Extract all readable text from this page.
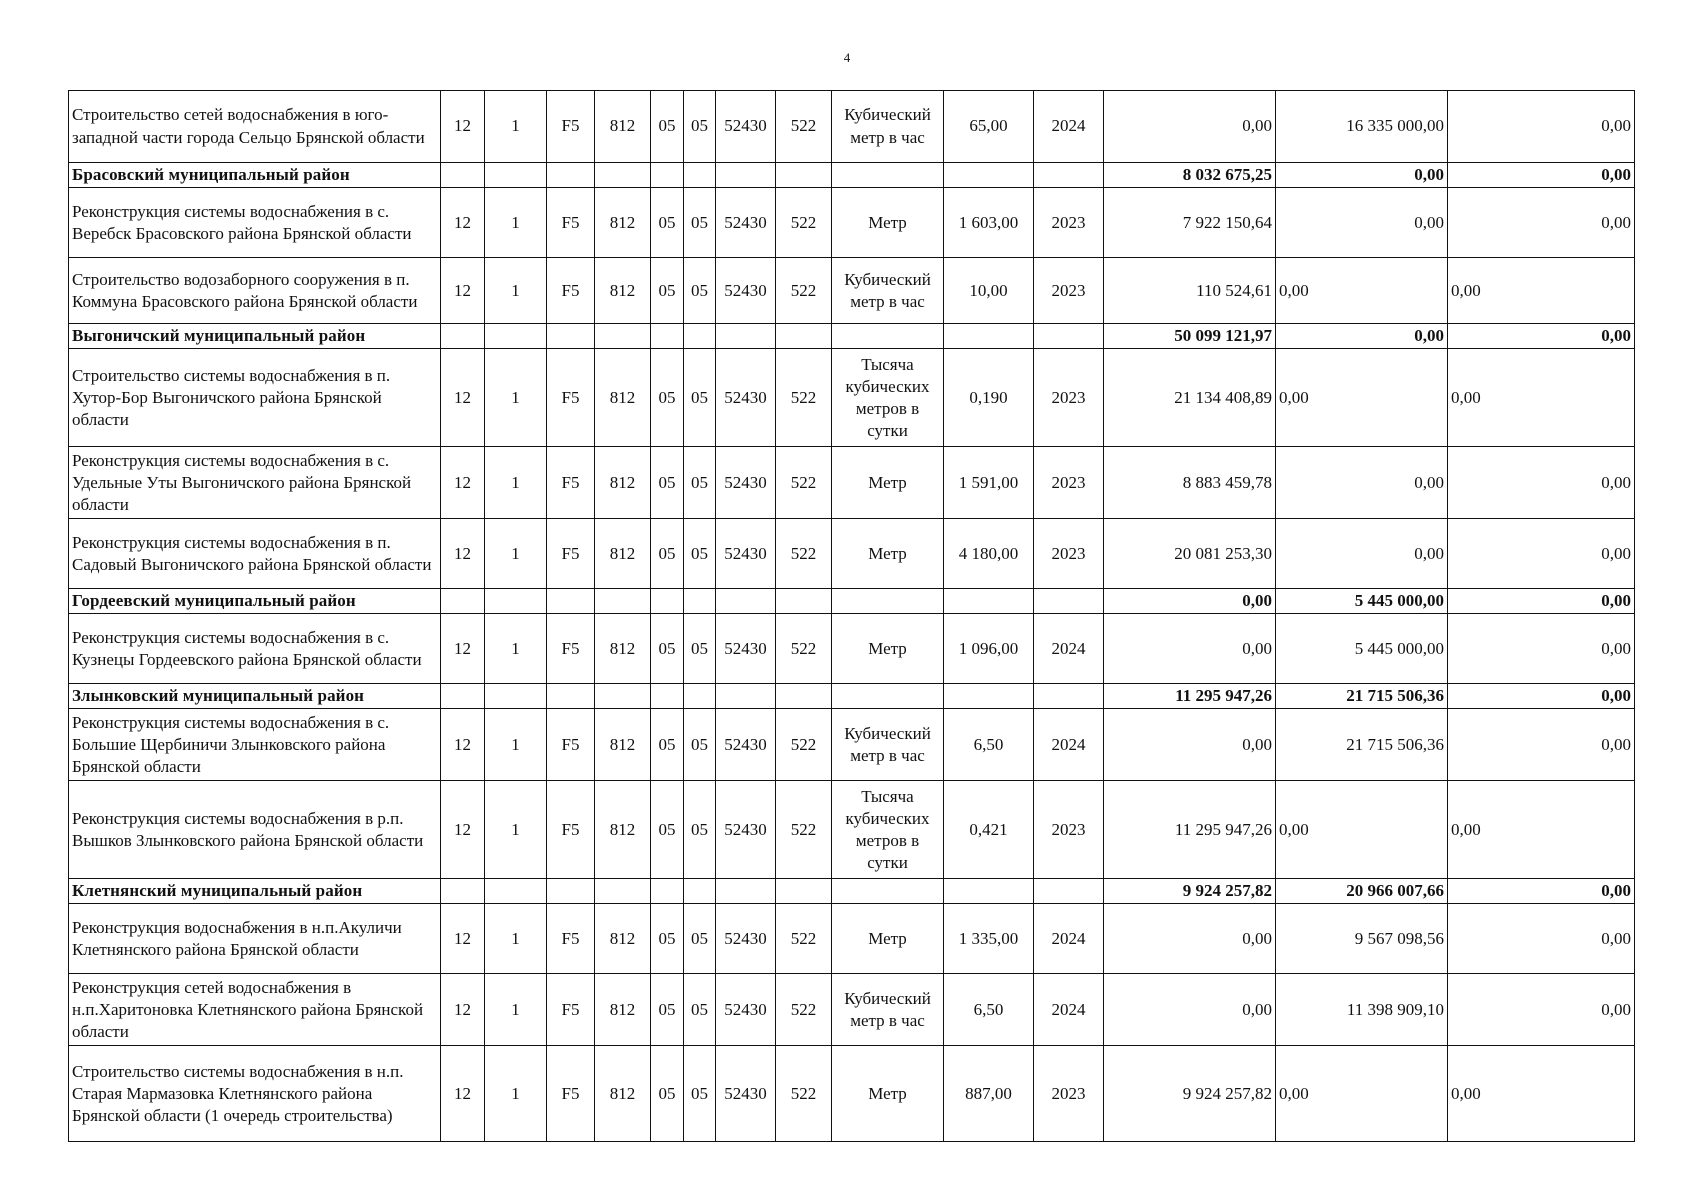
4
Строительство сетей водоснабжения в юго-западной части города Сельцо Брянской области	12	1	F5	812	05	05	52430	522	Кубический метр в час	65,00	2024	0,00	16 335 000,00	0,00
Брасовский муниципальный район												8 032 675,25	0,00	0,00
Реконструкция системы водоснабжения в с. Веребск Брасовского района Брянской области	12	1	F5	812	05	05	52430	522	Метр	1 603,00	2023	7 922 150,64	0,00	0,00
Строительство водозаборного сооружения в п. Коммуна Брасовского района Брянской области	12	1	F5	812	05	05	52430	522	Кубический метр в час	10,00	2023	110 524,61	0,00	0,00
Выгоничский муниципальный район												50 099 121,97	0,00	0,00
Строительство системы водоснабжения в п. Хутор-Бор Выгоничского района Брянской области	12	1	F5	812	05	05	52430	522	Тысяча кубических метров в сутки	0,190	2023	21 134 408,89	0,00	0,00
Реконструкция системы водоснабжения в с. Удельные Уты Выгоничского района Брянской области	12	1	F5	812	05	05	52430	522	Метр	1 591,00	2023	8 883 459,78	0,00	0,00
Реконструкция системы водоснабжения в п. Садовый Выгоничского района Брянской области	12	1	F5	812	05	05	52430	522	Метр	4 180,00	2023	20 081 253,30	0,00	0,00
Гордеевский муниципальный район												0,00	5 445 000,00	0,00
Реконструкция системы водоснабжения в с. Кузнецы Гордеевского района Брянской области	12	1	F5	812	05	05	52430	522	Метр	1 096,00	2024	0,00	5 445 000,00	0,00
Злынковский муниципальный район												11 295 947,26	21 715 506,36	0,00
Реконструкция системы водоснабжения в с. Большие Щербиничи Злынковского района Брянской области	12	1	F5	812	05	05	52430	522	Кубический метр в час	6,50	2024	0,00	21 715 506,36	0,00
Реконструкция системы водоснабжения в р.п. Вышков Злынковского района Брянской области	12	1	F5	812	05	05	52430	522	Тысяча кубических метров в сутки	0,421	2023	11 295 947,26	0,00	0,00
Клетнянский муниципальный район												9 924 257,82	20 966 007,66	0,00
Реконструкция водоснабжения в н.п.Акуличи Клетнянского района Брянской области	12	1	F5	812	05	05	52430	522	Метр	1 335,00	2024	0,00	9 567 098,56	0,00
Реконструкция сетей водоснабжения в н.п.Харитоновка Клетнянского района Брянской области	12	1	F5	812	05	05	52430	522	Кубический метр в час	6,50	2024	0,00	11 398 909,10	0,00
Строительство системы водоснабжения в н.п. Старая Мармазовка Клетнянского района Брянской области (1 очередь строительства)	12	1	F5	812	05	05	52430	522	Метр	887,00	2023	9 924 257,82	0,00	0,00
